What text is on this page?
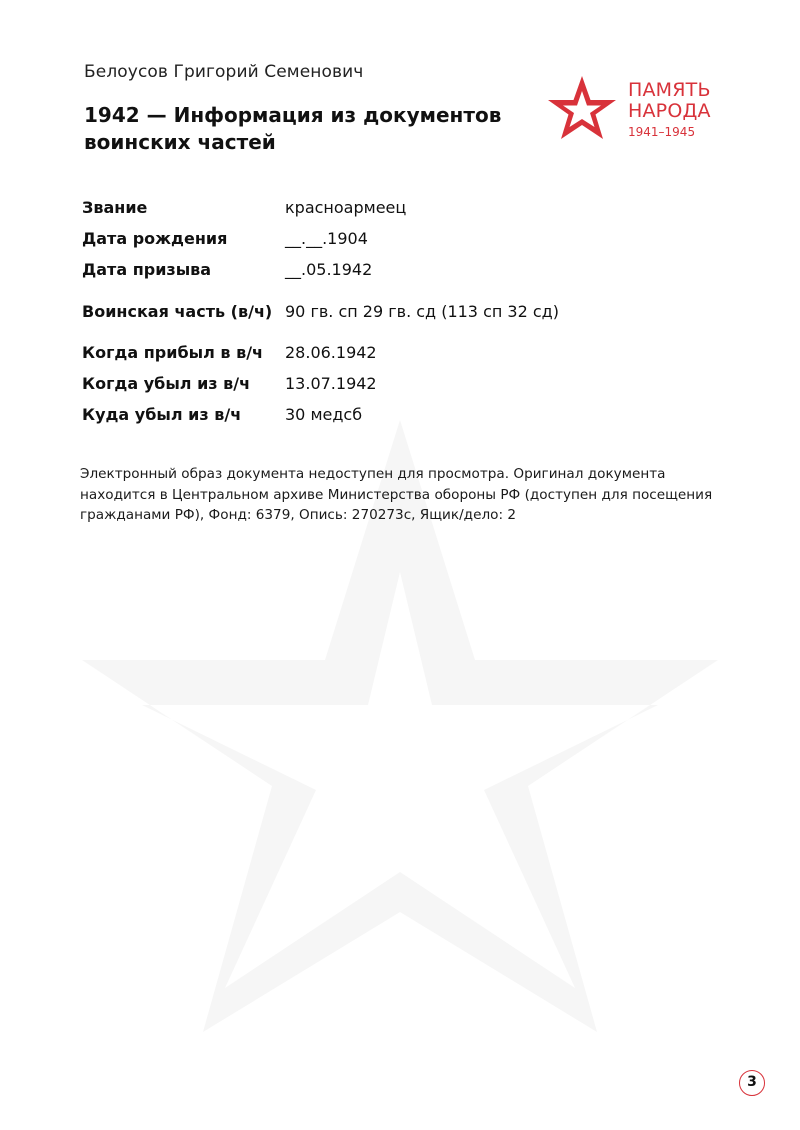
Белоусов Григорий Семенович
1942 — Информация из документов
воинских частей
ПАМЯТЬ
НАРОДА
1941–1945
Звание	красноармеец
Дата рождения	__.__.1904
Дата призыва	__.05.1942
Воинская часть (в/ч)	90 гв. сп 29 гв. сд (113 сп 32 сд)
Когда прибыл в в/ч	28.06.1942
Когда убыл из в/ч	13.07.1942
Куда убыл из в/ч	30 медсб

Электронный образ документа недоступен для просмотра. Оригинал документа находится в Центральном архиве Министерства обороны РФ (доступен для посещения гражданами РФ), Фонд: 6379, Опись: 270273с, Ящик/дело: 2

3
